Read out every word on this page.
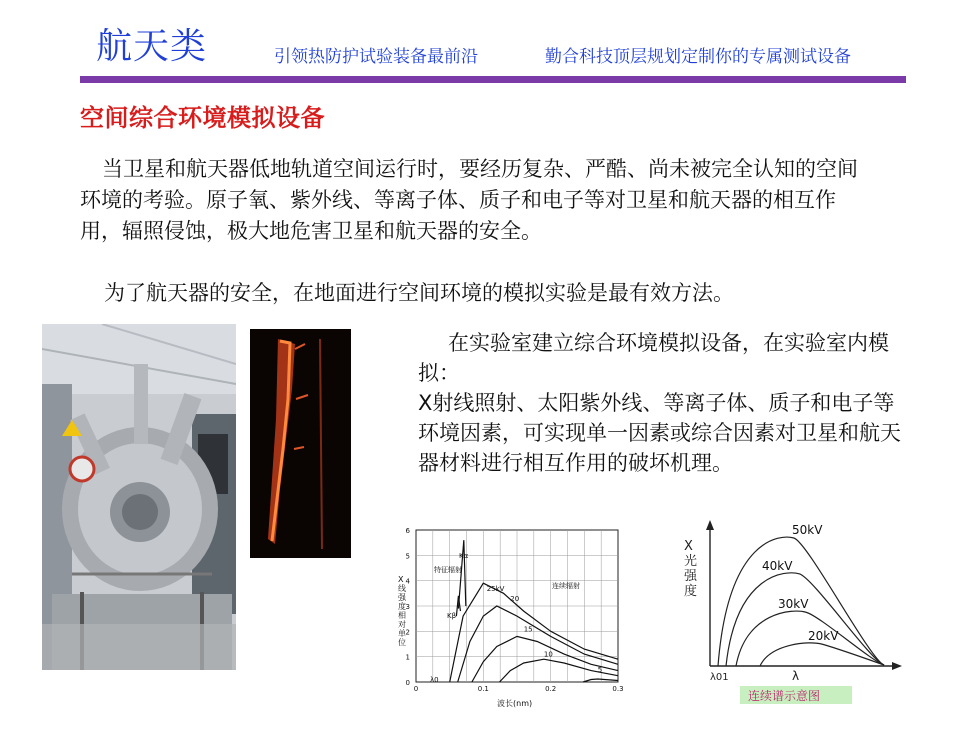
航天类	引领热防护试验装备最前沿	勤合科技顶层规划定制你的专属测试设备
空间综合环境模拟设备
当卫星和航天器低地轨道空间运行时，要经历复杂、严酷、尚未被完全认知的空间环境的考验。原子氧、紫外线、等离子体、质子和电子等对卫星和航天器的相互作用，辐照侵蚀，极大地危害卫星和航天器的安全。
为了航天器的安全，在地面进行空间环境的模拟实验是最有效方法。
在实验室建立综合环境模拟设备，在实验室内模拟：
X射线照射、太阳紫外线、等离子体、质子和电子等环境因素，可实现单一因素或综合因素对卫星和航天器材料进行相互作用的破坏机理。
0
1
2
3
4
5
6
0	0.1	0.2	0.3
25kV
20
15
10
5
波长(nm)
X 线强度相对单位
特征辐射
连续辐射
Kα
Kβ
λ0
X 光强度
λ
λ01
50kV
40kV
30kV
20kV
连续谱示意图
